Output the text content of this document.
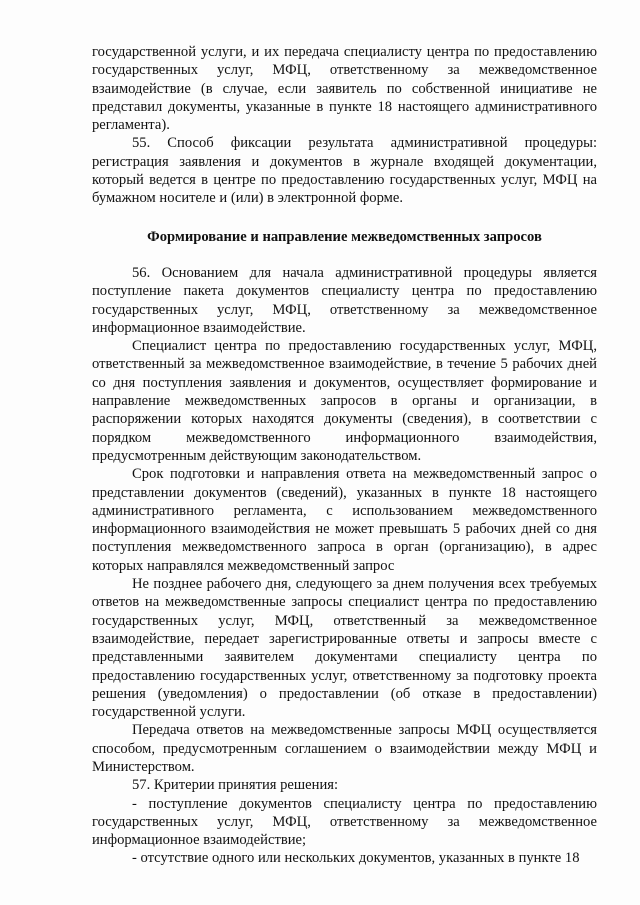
государственной услуги, и их передача специалисту центра по предоставлению государственных услуг, МФЦ, ответственному за межведомственное взаимодействие (в случае, если заявитель по собственной инициативе не представил документы, указанные в пункте 18 настоящего административного регламента).

55. Способ фиксации результата административной процедуры: регистрация заявления и документов в журнале входящей документации, который ведется в центре по предоставлению государственных услуг, МФЦ на бумажном носителе и (или) в электронной форме.

Формирование и направление межведомственных запросов

56. Основанием для начала административной процедуры является поступление пакета документов специалисту центра по предоставлению государственных услуг, МФЦ, ответственному за межведомственное информационное взаимодействие.

Специалист центра по предоставлению государственных услуг, МФЦ, ответственный за межведомственное взаимодействие, в течение 5 рабочих дней со дня поступления заявления и документов, осуществляет формирование и направление межведомственных запросов в органы и организации, в распоряжении которых находятся документы (сведения), в соответствии с порядком межведомственного информационного взаимодействия, предусмотренным действующим законодательством.

Срок подготовки и направления ответа на межведомственный запрос о представлении документов (сведений), указанных в пункте 18 настоящего административного регламента, с использованием межведомственного информационного взаимодействия не может превышать 5 рабочих дней со дня поступления межведомственного запроса в орган (организацию), в адрес которых направлялся межведомственный запрос

Не позднее рабочего дня, следующего за днем получения всех требуемых ответов на межведомственные запросы специалист центра по предоставлению государственных услуг, МФЦ, ответственный за межведомственное взаимодействие, передает зарегистрированные ответы и запросы вместе с представленными заявителем документами специалисту центра по предоставлению государственных услуг, ответственному за подготовку проекта решения (уведомления) о предоставлении (об отказе в предоставлении) государственной услуги.

Передача ответов на межведомственные запросы МФЦ осуществляется способом, предусмотренным соглашением о взаимодействии между МФЦ и Министерством.

57. Критерии принятия решения:

- поступление документов специалисту центра по предоставлению государственных услуг, МФЦ, ответственному за межведомственное информационное взаимодействие;

- отсутствие одного или нескольких документов, указанных в пункте 18
